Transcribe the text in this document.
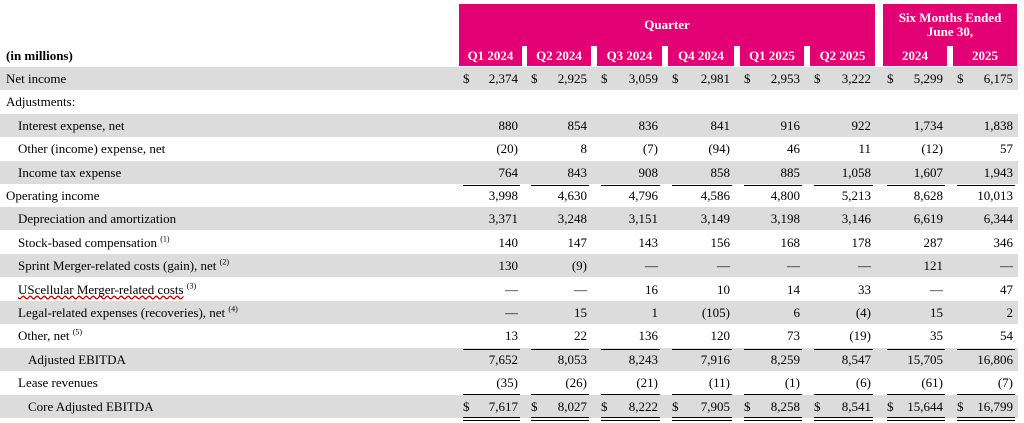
Quarter	Six Months Ended
June 30,
(in millions)	Q1 2024	Q2 2024	Q3 2024	Q4 2024	Q1 2025	Q2 2025	2024	2025
Net income	$ 2,374 $ 2,925 $ 3,059 $ 2,981 $ 2,953 $ 3,222 $ 5,299 $ 6,175
Adjustments:
Interest expense, net	880	854	836	841	916	922	1,734	1,838
Other (income) expense, net	(20)	8	(7)	(94)	46	11	(12)	57
Income tax expense	764	843	908	858	885	1,058	1,607	1,943
Operating income	3,998	4,630	4,796	4,586	4,800	5,213	8,628	10,013
Depreciation and amortization	3,371	3,248	3,151	3,149	3,198	3,146	6,619	6,344
Stock-based compensation $^{(1)}$	140	147	143	156	168	178	287	346
Sprint Merger-related costs (gain), net $^{(2)}$	130	(9)	—	—	—	—	121	—
UScellular Merger-related costs $^{(3)}$	—	—	16	10	14	33	—	47
Legal-related expenses (recoveries), net $^{(4)}$	—	15	1	(105)	6	(4)	15	2
Other, net $^{(5)}$	13	22	136	120	73	(19)	35	54
Adjusted EBITDA	7,652	8,053	8,243	7,916	8,259	8,547	15,705	16,806
Lease revenues	(35)	(26)	(21)	(11)	(1)	(6)	(61)	(7)
Core Adjusted EBITDA	$ 7,617 $ 8,027 $ 8,222 $ 7,905 $ 8,258 $ 8,541 $ 15,644 $ 16,799
